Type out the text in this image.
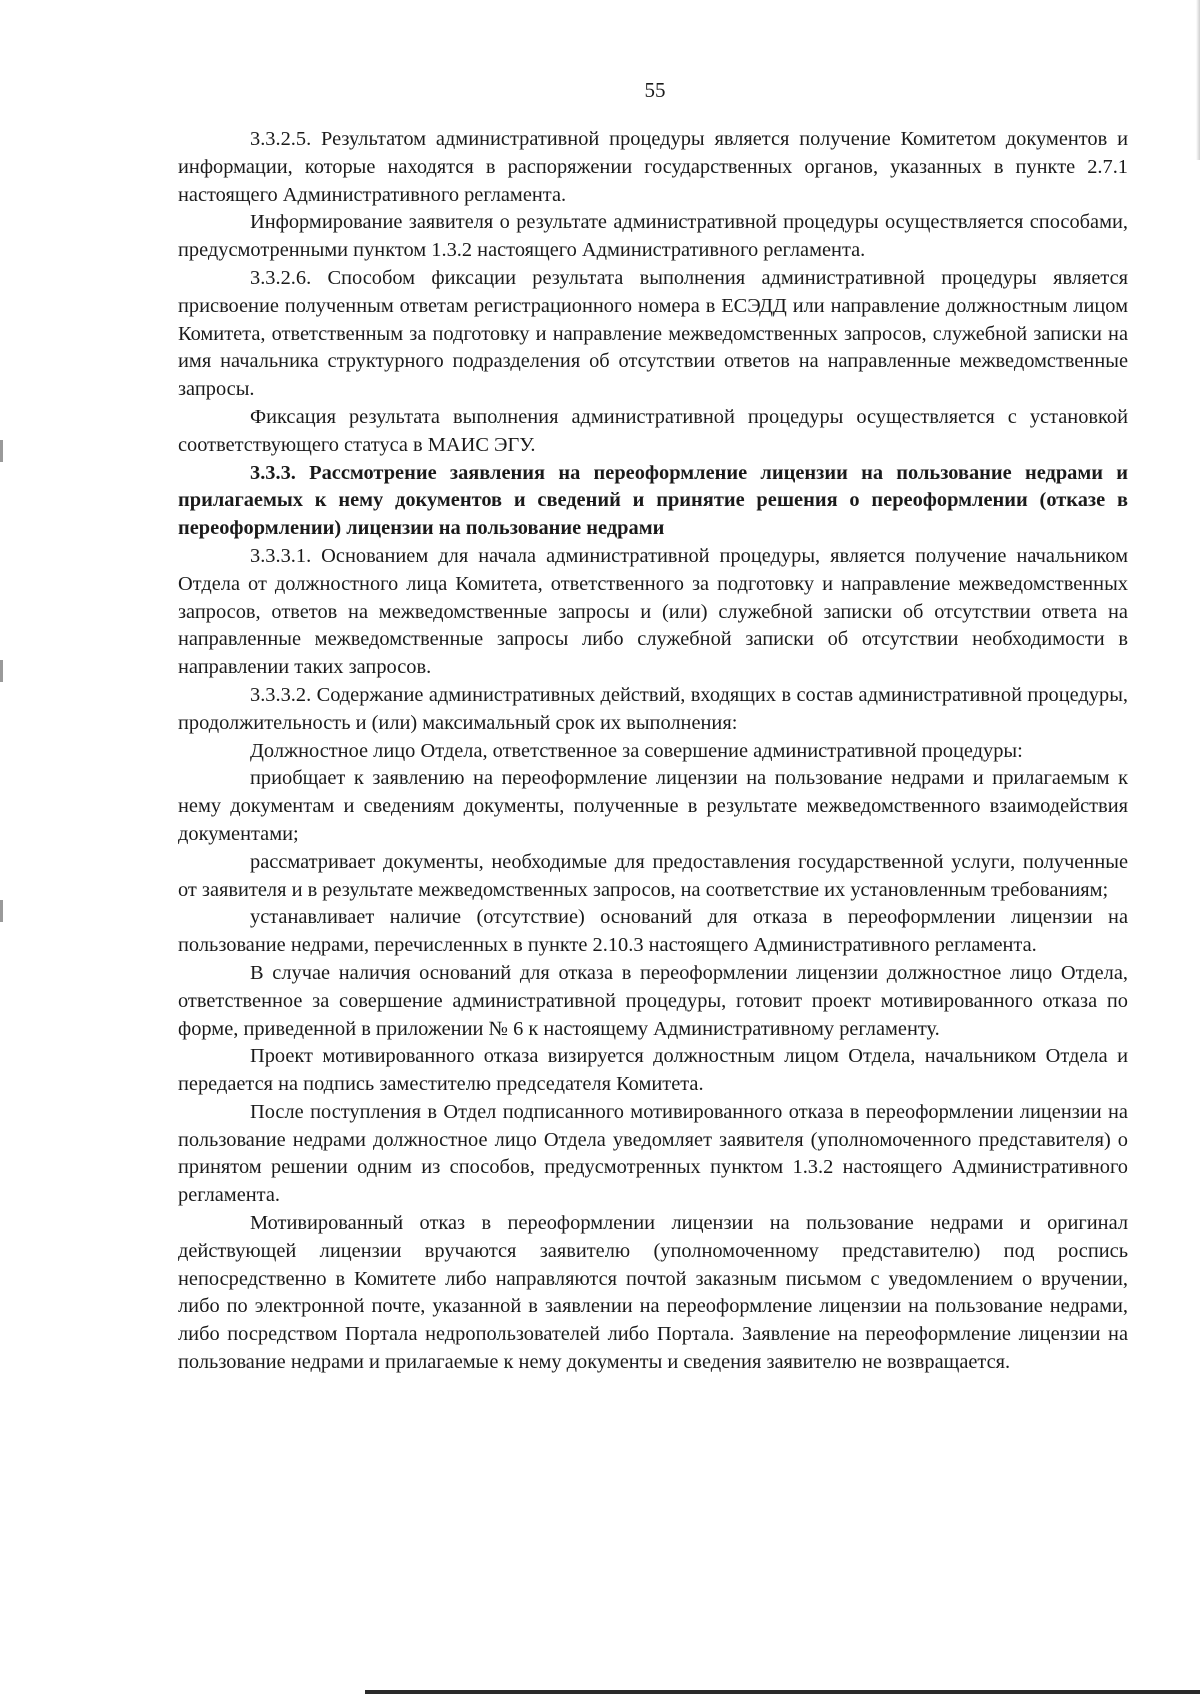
55

3.3.2.5. Результатом административной процедуры является получение Комитетом документов и информации, которые находятся в распоряжении государственных органов, указанных в пункте 2.7.1 настоящего Административного регламента.

Информирование заявителя о результате административной процедуры осуществляется способами, предусмотренными пунктом 1.3.2 настоящего Административного регламента.

3.3.2.6. Способом фиксации результата выполнения административной процедуры является присвоение полученным ответам регистрационного номера в ЕСЭДД или направление должностным лицом Комитета, ответственным за подготовку и направление межведомственных запросов, служебной записки на имя начальника структурного подразделения об отсутствии ответов на направленные межведомственные запросы.

Фиксация результата выполнения административной процедуры осуществляется с установкой соответствующего статуса в МАИС ЭГУ.

3.3.3. Рассмотрение заявления на переоформление лицензии на пользование недрами и прилагаемых к нему документов и сведений и принятие решения о переоформлении (отказе в переоформлении) лицензии на пользование недрами

3.3.3.1. Основанием для начала административной процедуры, является получение начальником Отдела от должностного лица Комитета, ответственного за подготовку и направление межведомственных запросов, ответов на межведомственные запросы и (или) служебной записки об отсутствии ответа на направленные межведомственные запросы либо служебной записки об отсутствии необходимости в направлении таких запросов.

3.3.3.2. Содержание административных действий, входящих в состав административной процедуры, продолжительность и (или) максимальный срок их выполнения:

Должностное лицо Отдела, ответственное за совершение административной процедуры:

приобщает к заявлению на переоформление лицензии на пользование недрами и прилагаемым к нему документам и сведениям документы, полученные в результате межведомственного взаимодействия документами;

рассматривает документы, необходимые для предоставления государственной услуги, полученные от заявителя и в результате межведомственных запросов, на соответствие их установленным требованиям;

устанавливает наличие (отсутствие) оснований для отказа в переоформлении лицензии на пользование недрами, перечисленных в пункте 2.10.3 настоящего Административного регламента.

В случае наличия оснований для отказа в переоформлении лицензии должностное лицо Отдела, ответственное за совершение административной процедуры, готовит проект мотивированного отказа по форме, приведенной в приложении № 6 к настоящему Административному регламенту.

Проект мотивированного отказа визируется должностным лицом Отдела, начальником Отдела и передается на подпись заместителю председателя Комитета.

После поступления в Отдел подписанного мотивированного отказа в переоформлении лицензии на пользование недрами должностное лицо Отдела уведомляет заявителя (уполномоченного представителя) о принятом решении одним из способов, предусмотренных пунктом 1.3.2 настоящего Административного регламента.

Мотивированный отказ в переоформлении лицензии на пользование недрами и оригинал действующей лицензии вручаются заявителю (уполномоченному представителю) под роспись непосредственно в Комитете либо направляются почтой заказным письмом с уведомлением о вручении, либо по электронной почте, указанной в заявлении на переоформление лицензии на пользование недрами, либо посредством Портала недропользователей либо Портала. Заявление на переоформление лицензии на пользование недрами и прилагаемые к нему документы и сведения заявителю не возвращается.
